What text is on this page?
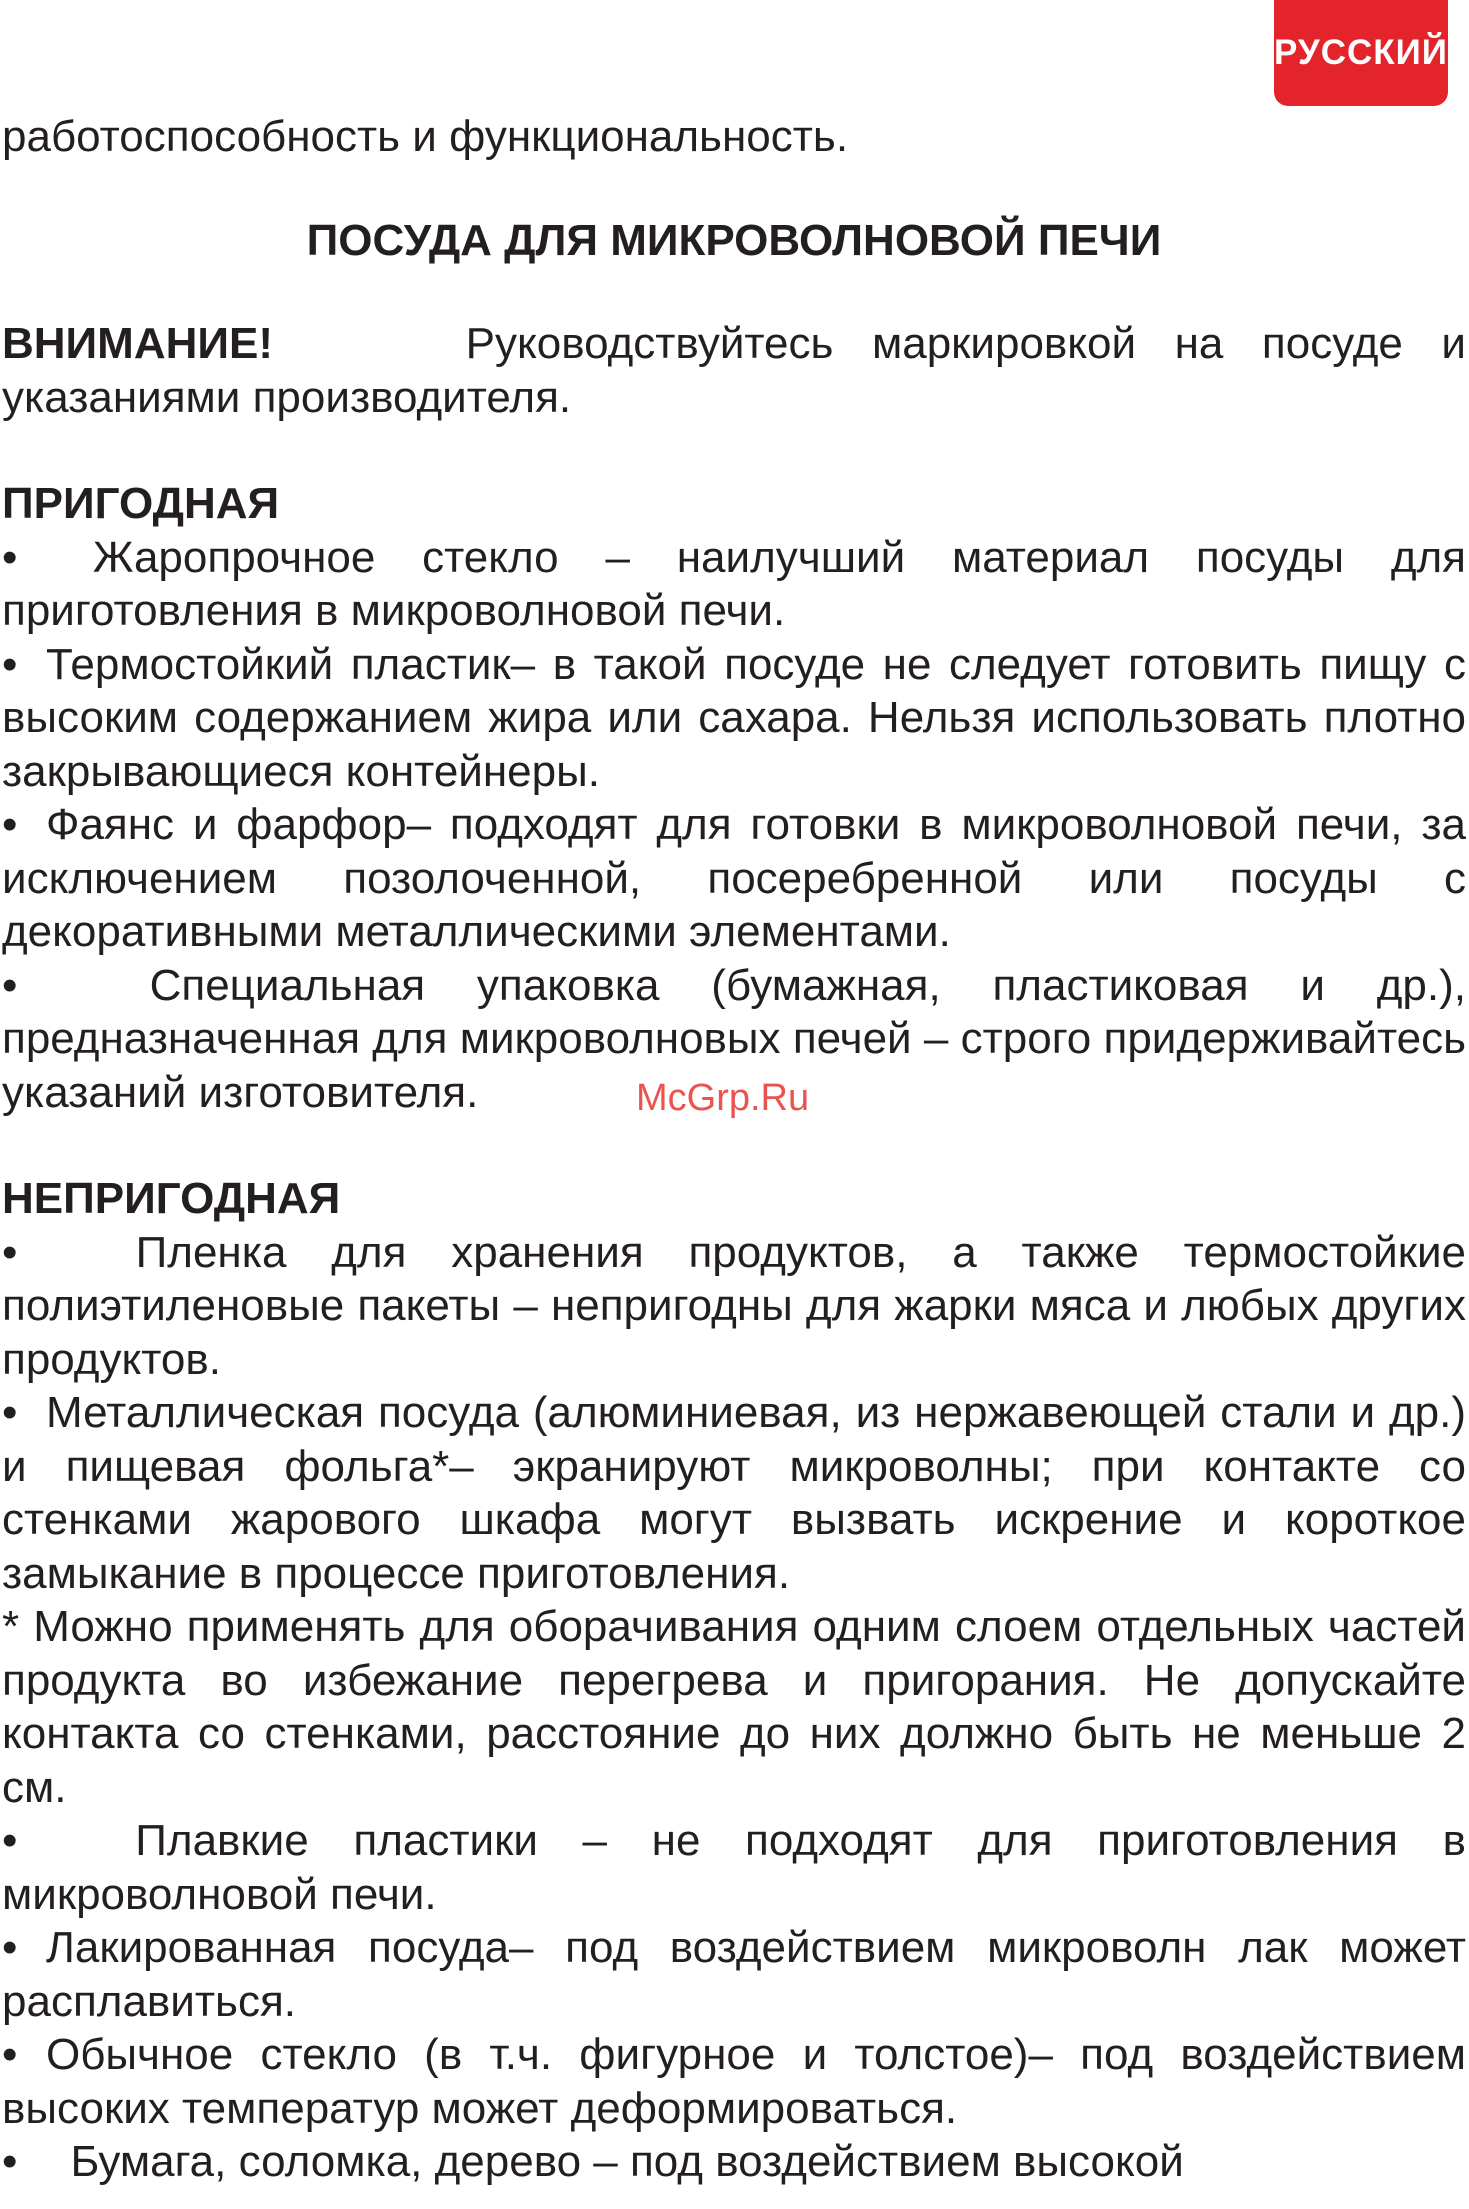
РУССКИЙ

работоспособность и функциональность.

ПОСУДА ДЛЯ МИКРОВОЛНОВОЙ ПЕЧИ

ВНИМАНИЕ!	Руководствуйтесь маркировкой на посуде и указаниями производителя.

ПРИГОДНАЯ

• Жаропрочное стекло – наилучший материал посуды для приготовления в микроволновой печи.

• Термостойкий пластик– в такой посуде не следует готовить пищу с высоким содержанием жира или сахара. Нельзя использовать плотно закрывающиеся контейнеры.

• Фаянс и фарфор– подходят для готовки в микроволновой печи, за исключением позолоченной, посеребренной или посуды с декоративными металлическими элементами.

•	Специальная упаковка (бумажная, пластиковая и др.), предназначенная для микроволновых печей – строго придерживайтесь указаний изготовителя.

НЕПРИГОДНАЯ

•	Пленка для хранения продуктов, а также термостойкие полиэтиленовые пакеты – непригодны для жарки мяса и любых других продуктов.

• Металлическая посуда (алюминиевая, из нержавеющей стали и др.) и пищевая фольга*– экранируют микроволны; при контакте со стенками жарового шкафа могут вызвать искрение и короткое замыкание в процессе приготовления.

* Можно применять для оборачивания одним слоем отдельных частей продукта во избежание перегрева и пригорания. Не допускайте контакта со стенками, расстояние до них должно быть не меньше 2 см.

•	Плавкие пластики – не подходят для приготовления в микроволновой печи.

• Лакированная посуда– под воздействием микроволн лак может расплавиться.

• Обычное стекло (в т.ч. фигурное и толстое)– под воздействием высоких температур может деформироваться.

• Бумага, соломка, дерево – под воздействием высокой

McGrp.Ru
